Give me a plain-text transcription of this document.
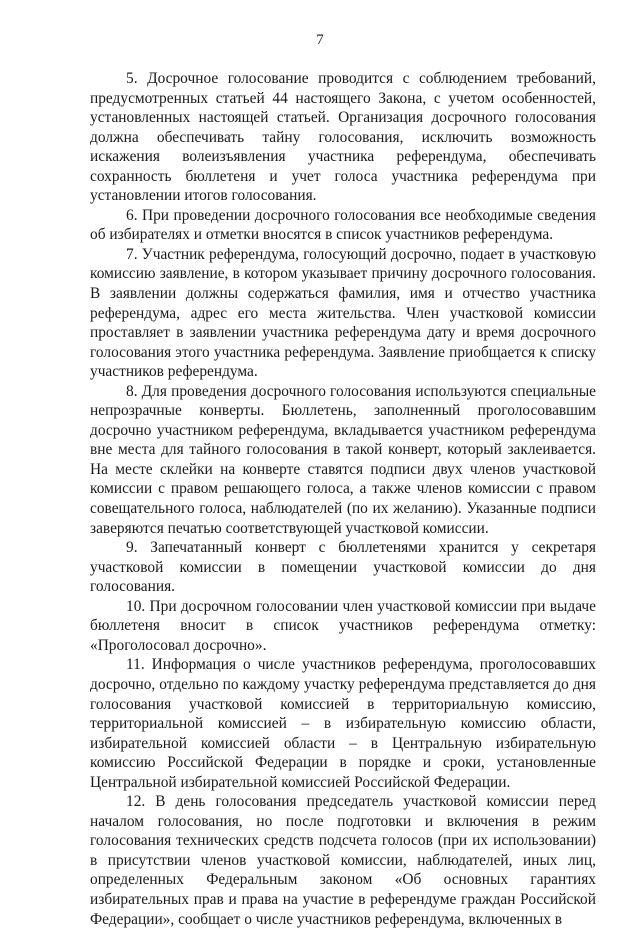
7

5. Досрочное голосование проводится с соблюдением требований, предусмотренных статьей 44 настоящего Закона, с учетом особенностей, установленных настоящей статьей. Организация досрочного голосования должна обеспечивать тайну голосования, исключить возможность искажения волеизъявления участника референдума, обеспечивать сохранность бюллетеня и учет голоса участника референдума при установлении итогов голосования.

6. При проведении досрочного голосования все необходимые сведения об избирателях и отметки вносятся в список участников референдума.

7. Участник референдума, голосующий досрочно, подает в участковую комиссию заявление, в котором указывает причину досрочного голосования. В заявлении должны содержаться фамилия, имя и отчество участника референдума, адрес его места жительства. Член участковой комиссии проставляет в заявлении участника референдума дату и время досрочного голосования этого участника референдума. Заявление приобщается к списку участников референдума.

8. Для проведения досрочного голосования используются специальные непрозрачные конверты. Бюллетень, заполненный проголосовавшим досрочно участником референдума, вкладывается участником референдума вне места для тайного голосования в такой конверт, который заклеивается. На месте склейки на конверте ставятся подписи двух членов участковой комиссии с правом решающего голоса, а также членов комиссии с правом совещательного голоса, наблюдателей (по их желанию). Указанные подписи заверяются печатью соответствующей участковой комиссии.

9. Запечатанный конверт с бюллетенями хранится у секретаря участковой комиссии в помещении участковой комиссии до дня голосования.

10. При досрочном голосовании член участковой комиссии при выдаче бюллетеня вносит в список участников референдума отметку: «Проголосовал досрочно».

11. Информация о числе участников референдума, проголосовавших досрочно, отдельно по каждому участку референдума представляется до дня голосования участковой комиссией в территориальную комиссию, территориальной комиссией – в избирательную комиссию области, избирательной комиссией области – в Центральную избирательную комиссию Российской Федерации в порядке и сроки, установленные Центральной избирательной комиссией Российской Федерации.

12. В день голосования председатель участковой комиссии перед началом голосования, но после подготовки и включения в режим голосования технических средств подсчета голосов (при их использовании) в присутствии членов участковой комиссии, наблюдателей, иных лиц, определенных Федеральным законом «Об основных гарантиях избирательных прав и права на участие в референдуме граждан Российской Федерации», сообщает о числе участников референдума, включенных в
